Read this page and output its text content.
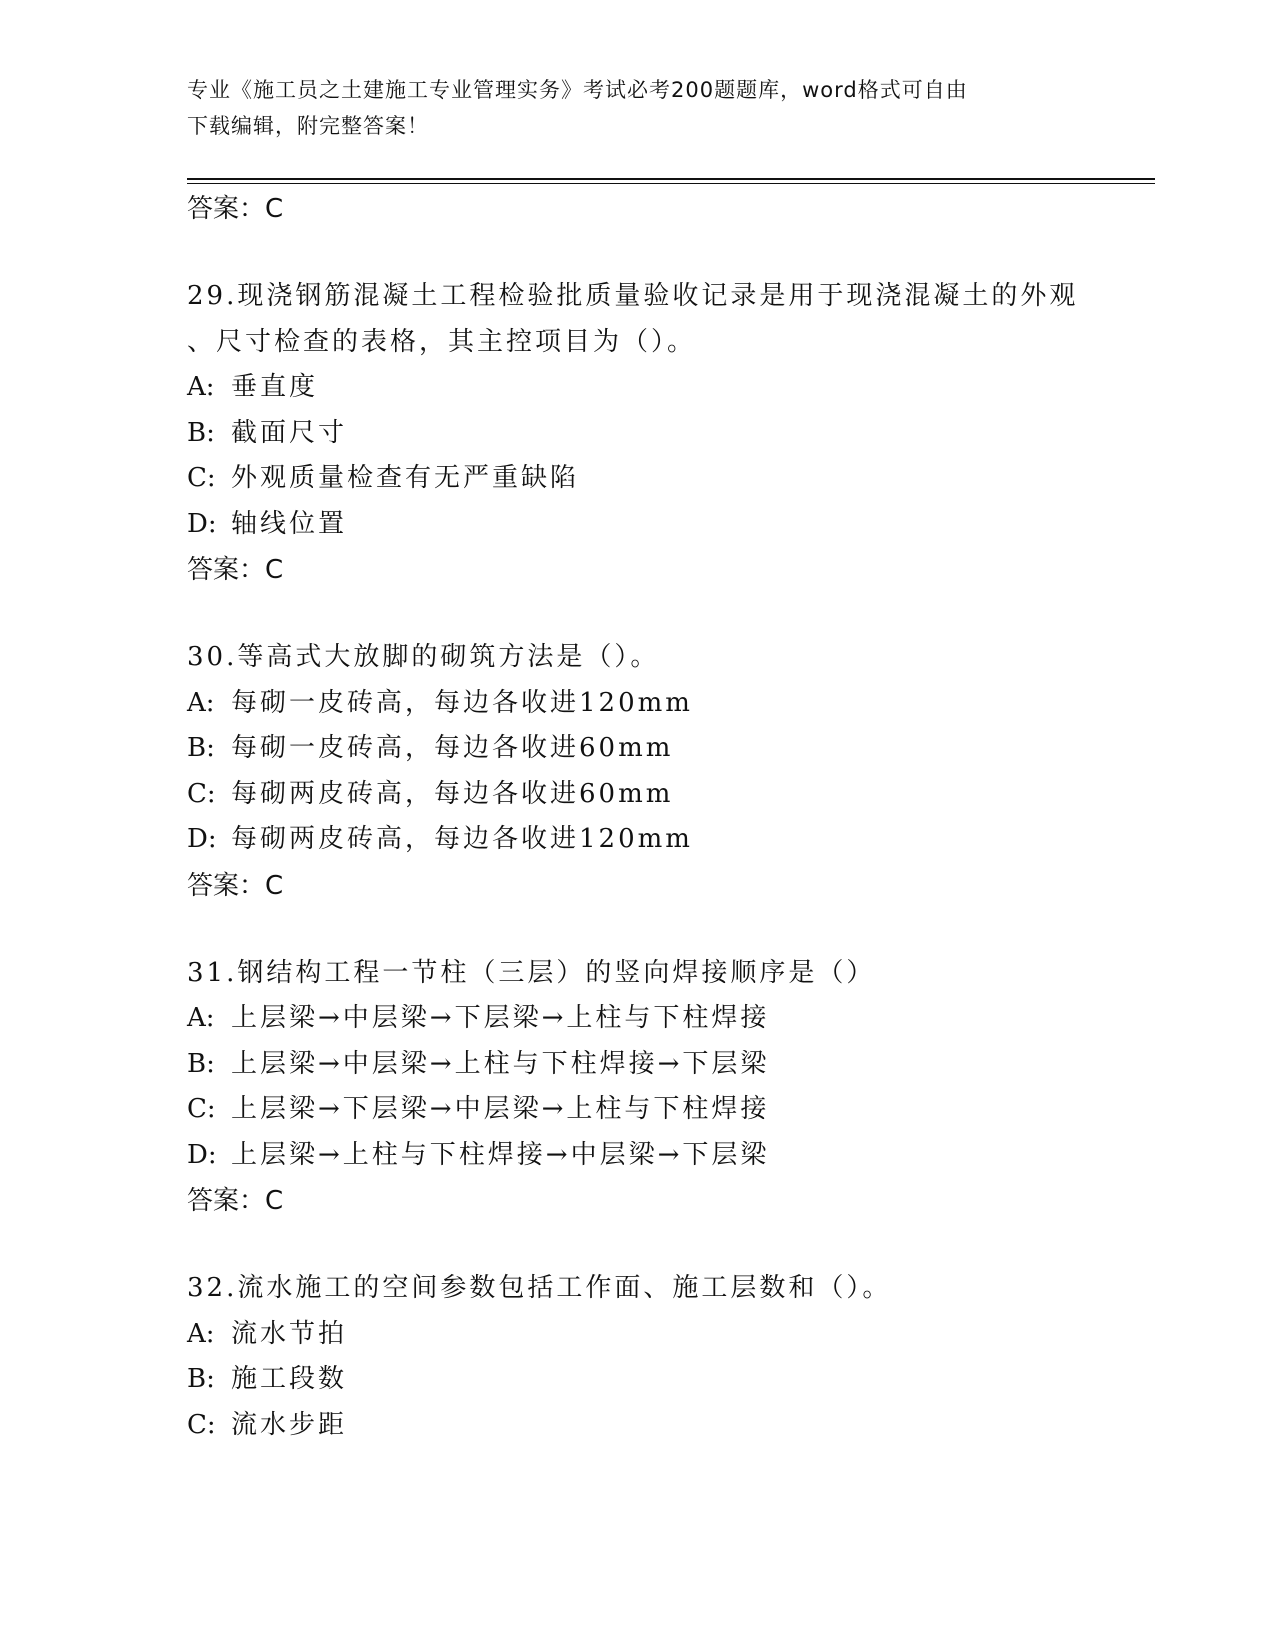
专业《施工员之土建施工专业管理实务》考试必考200题题库，word格式可自由
下载编辑，附完整答案！
答案：C
29.现浇钢筋混凝土工程检验批质量验收记录是用于现浇混凝土的外观
、尺寸检查的表格，其主控项目为（）。
A: 垂直度
B: 截面尺寸
C: 外观质量检查有无严重缺陷
D: 轴线位置
答案：C
30.等高式大放脚的砌筑方法是（）。
A: 每砌一皮砖高，每边各收进120mm
B: 每砌一皮砖高，每边各收进60mm
C: 每砌两皮砖高，每边各收进60mm
D: 每砌两皮砖高，每边各收进120mm
答案：C
31.钢结构工程一节柱（三层）的竖向焊接顺序是（）
A: 上层梁→中层梁→下层梁→上柱与下柱焊接
B: 上层梁→中层梁→上柱与下柱焊接→下层梁
C: 上层梁→下层梁→中层梁→上柱与下柱焊接
D: 上层梁→上柱与下柱焊接→中层梁→下层梁
答案：C
32.流水施工的空间参数包括工作面、施工层数和（）。
A: 流水节拍
B: 施工段数
C: 流水步距
